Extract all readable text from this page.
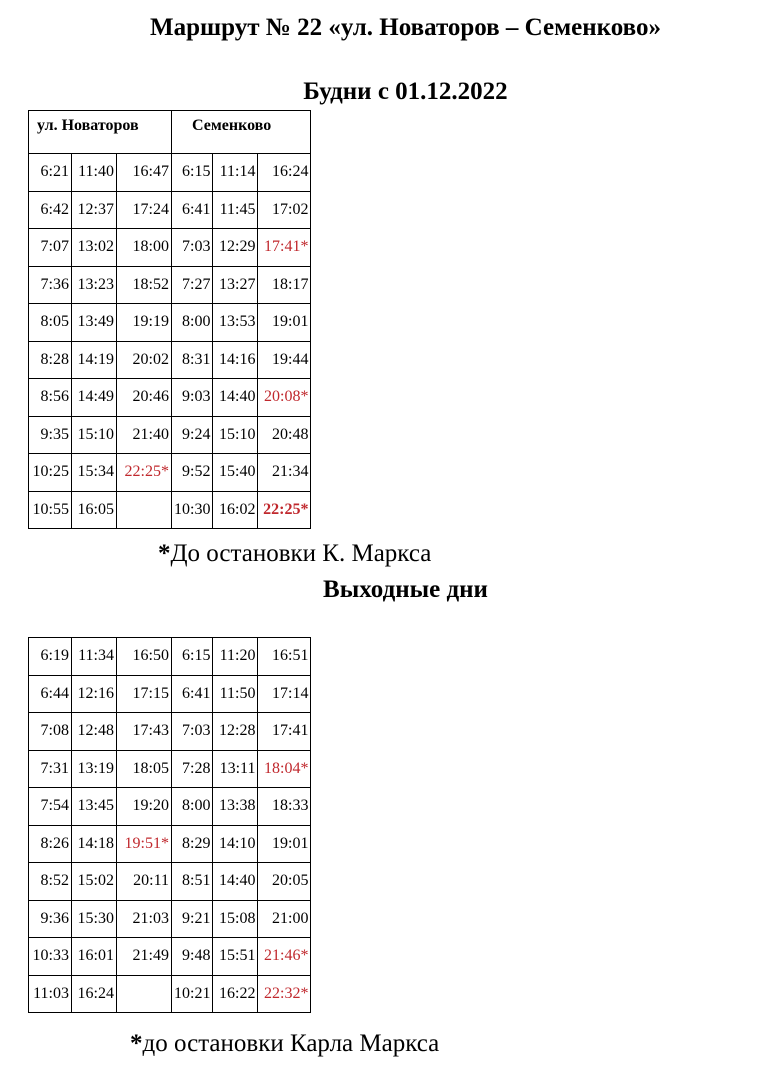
Маршрут № 22 «ул. Новаторов – Семенково»
Будни с 01.12.2022
ул. Новаторов			Семенково		
6:21	11:40	16:47	6:15	11:14	16:24
6:42	12:37	17:24	6:41	11:45	17:02
7:07	13:02	18:00	7:03	12:29	17:41*
7:36	13:23	18:52	7:27	13:27	18:17
8:05	13:49	19:19	8:00	13:53	19:01
8:28	14:19	20:02	8:31	14:16	19:44
8:56	14:49	20:46	9:03	14:40	20:08*
9:35	15:10	21:40	9:24	15:10	20:48
10:25	15:34	22:25*	9:52	15:40	21:34
10:55	16:05		10:30	16:02	22:25*
*До остановки К. Маркса
Выходные дни
6:19	11:34	16:50	6:15	11:20	16:51
6:44	12:16	17:15	6:41	11:50	17:14
7:08	12:48	17:43	7:03	12:28	17:41
7:31	13:19	18:05	7:28	13:11	18:04*
7:54	13:45	19:20	8:00	13:38	18:33
8:26	14:18	19:51*	8:29	14:10	19:01
8:52	15:02	20:11	8:51	14:40	20:05
9:36	15:30	21:03	9:21	15:08	21:00
10:33	16:01	21:49	9:48	15:51	21:46*
11:03	16:24		10:21	16:22	22:32*
*до остановки Карла Маркса
